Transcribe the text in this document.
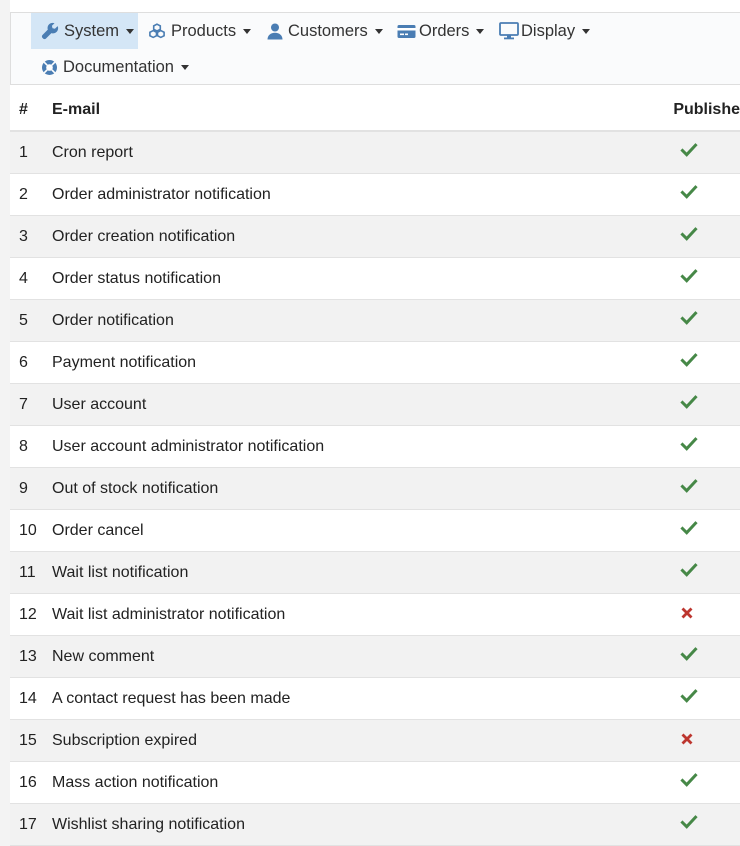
System	Products	Customers	Orders	Display
Documentation
#	E-mail	Publishe
1	Cron report	
2	Order administrator notification	
3	Order creation notification	
4	Order status notification	
5	Order notification	
6	Payment notification	
7	User account	
8	User account administrator notification	
9	Out of stock notification	
10	Order cancel	
11	Wait list notification	
12	Wait list administrator notification	
13	New comment	
14	A contact request has been made	
15	Subscription expired	
16	Mass action notification	
17	Wishlist sharing notification	
